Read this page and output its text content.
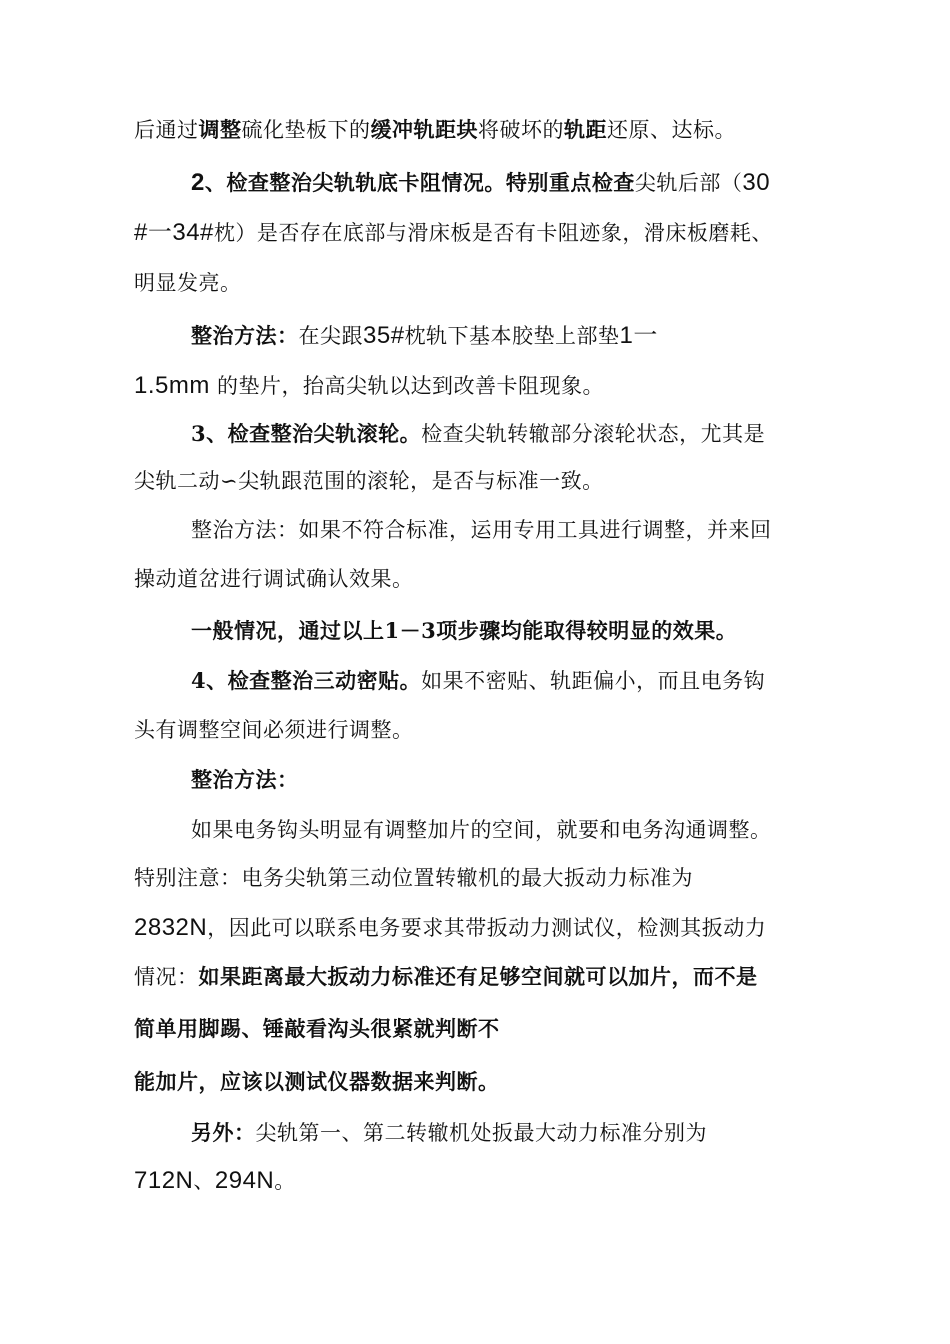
后通过调整硫化垫板下的缓冲轨距块将破坏的轨距还原、达标。
2、检查整治尖轨轨底卡阻情况。特别重点检查尖轨后部（30
#一34#枕）是否存在底部与滑床板是否有卡阻迹象，滑床板磨耗、
明显发亮。
整治方法：在尖跟35#枕轨下基本胶垫上部垫1一
1.5mm 的垫片，抬高尖轨以达到改善卡阻现象。
3、检查整治尖轨滚轮。检查尖轨转辙部分滚轮状态，尤其是
尖轨二动∽尖轨跟范围的滚轮，是否与标准一致。
整治方法：如果不符合标准，运用专用工具进行调整，并来回
操动道岔进行调试确认效果。
一般情况，通过以上1－3项步骤均能取得较明显的效果。
4、检查整治三动密贴。如果不密贴、轨距偏小，而且电务钩
头有调整空间必须进行调整。
整治方法：
如果电务钩头明显有调整加片的空间，就要和电务沟通调整。
特别注意：电务尖轨第三动位置转辙机的最大扳动力标准为
2832N，因此可以联系电务要求其带扳动力测试仪，检测其扳动力
情况：如果距离最大扳动力标准还有足够空间就可以加片，而不是
简单用脚踢、锤敲看沟头很紧就判断不
能加片，应该以测试仪器数据来判断。
另外：尖轨第一、第二转辙机处扳最大动力标准分别为
712N、294N。
